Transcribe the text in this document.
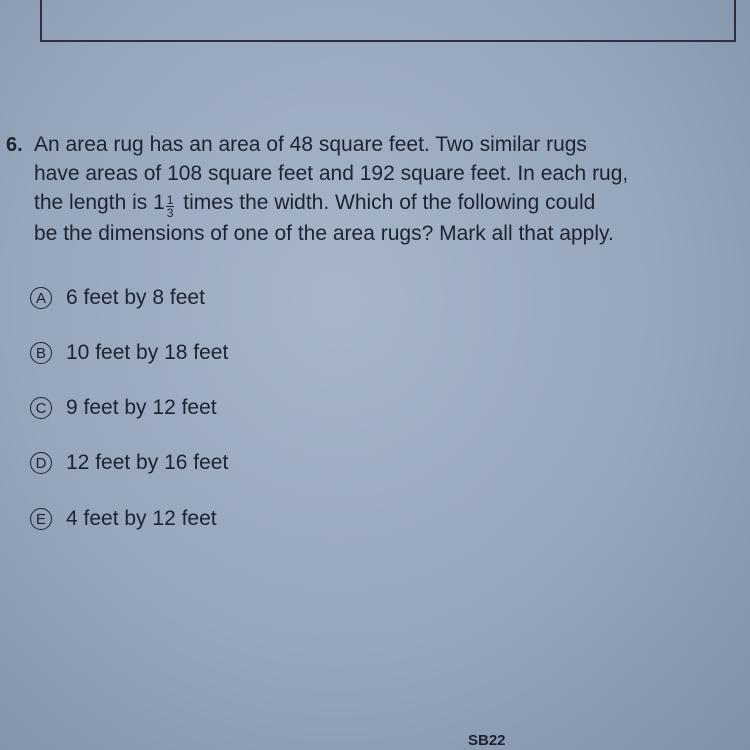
6. An area rug has an area of 48 square feet. Two similar rugs
have areas of 108 square feet and 192 square feet. In each rug,
the length is $1 \frac{1}{3}$ times the width. Which of the following could
be the dimensions of one of the area rugs? Mark all that apply.
A 6 feet by 8 feet
B 10 feet by 18 feet
C 9 feet by 12 feet
D 12 feet by 16 feet
E 4 feet by 12 feet
SB22
